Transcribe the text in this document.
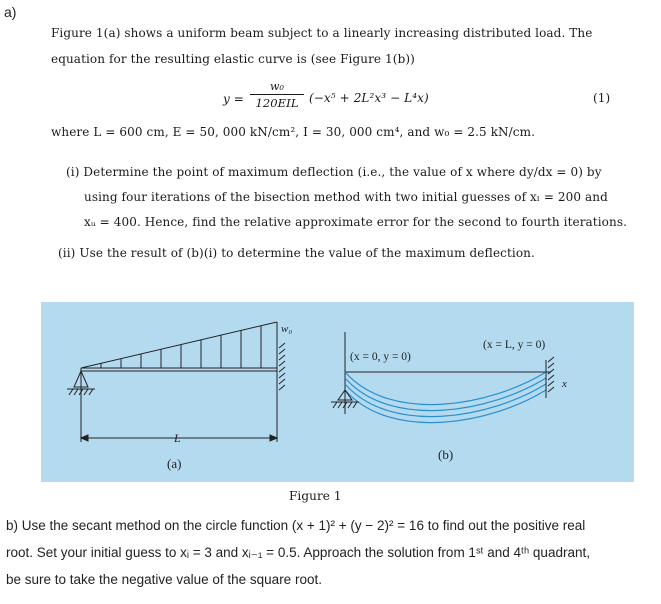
a)
Figure 1(a) shows a uniform beam subject to a linearly increasing distributed load. The
equation for the resulting elastic curve is (see Figure 1(b))
y =
w₀
120EIL (−x⁵ + 2L²x³ − L⁴x)	(1)
where L = 600 cm, E = 50, 000 kN/cm², I = 30, 000 cm⁴, and w₀ = 2.5 kN/cm.
(i) Determine the point of maximum deflection (i.e., the value of x where dy/dx = 0) by
using four iterations of the bisection method with two initial guesses of xₗ = 200 and
xᵤ = 400. Hence, find the relative approximate error for the second to fourth iterations.
(ii) Use the result of (b)(i) to determine the value of the maximum deflection.
w₀
L
(a)
(x = 0, y = 0)
(x = L, y = 0)
x
(b)
Figure 1
b) Use the secant method on the circle function (x + 1)² + (y − 2)² = 16 to find out the positive real
root. Set your initial guess to xᵢ = 3 and xᵢ₋₁ = 0.5. Approach the solution from 1ˢᵗ and 4ᵗʰ quadrant,
be sure to take the negative value of the square root.
